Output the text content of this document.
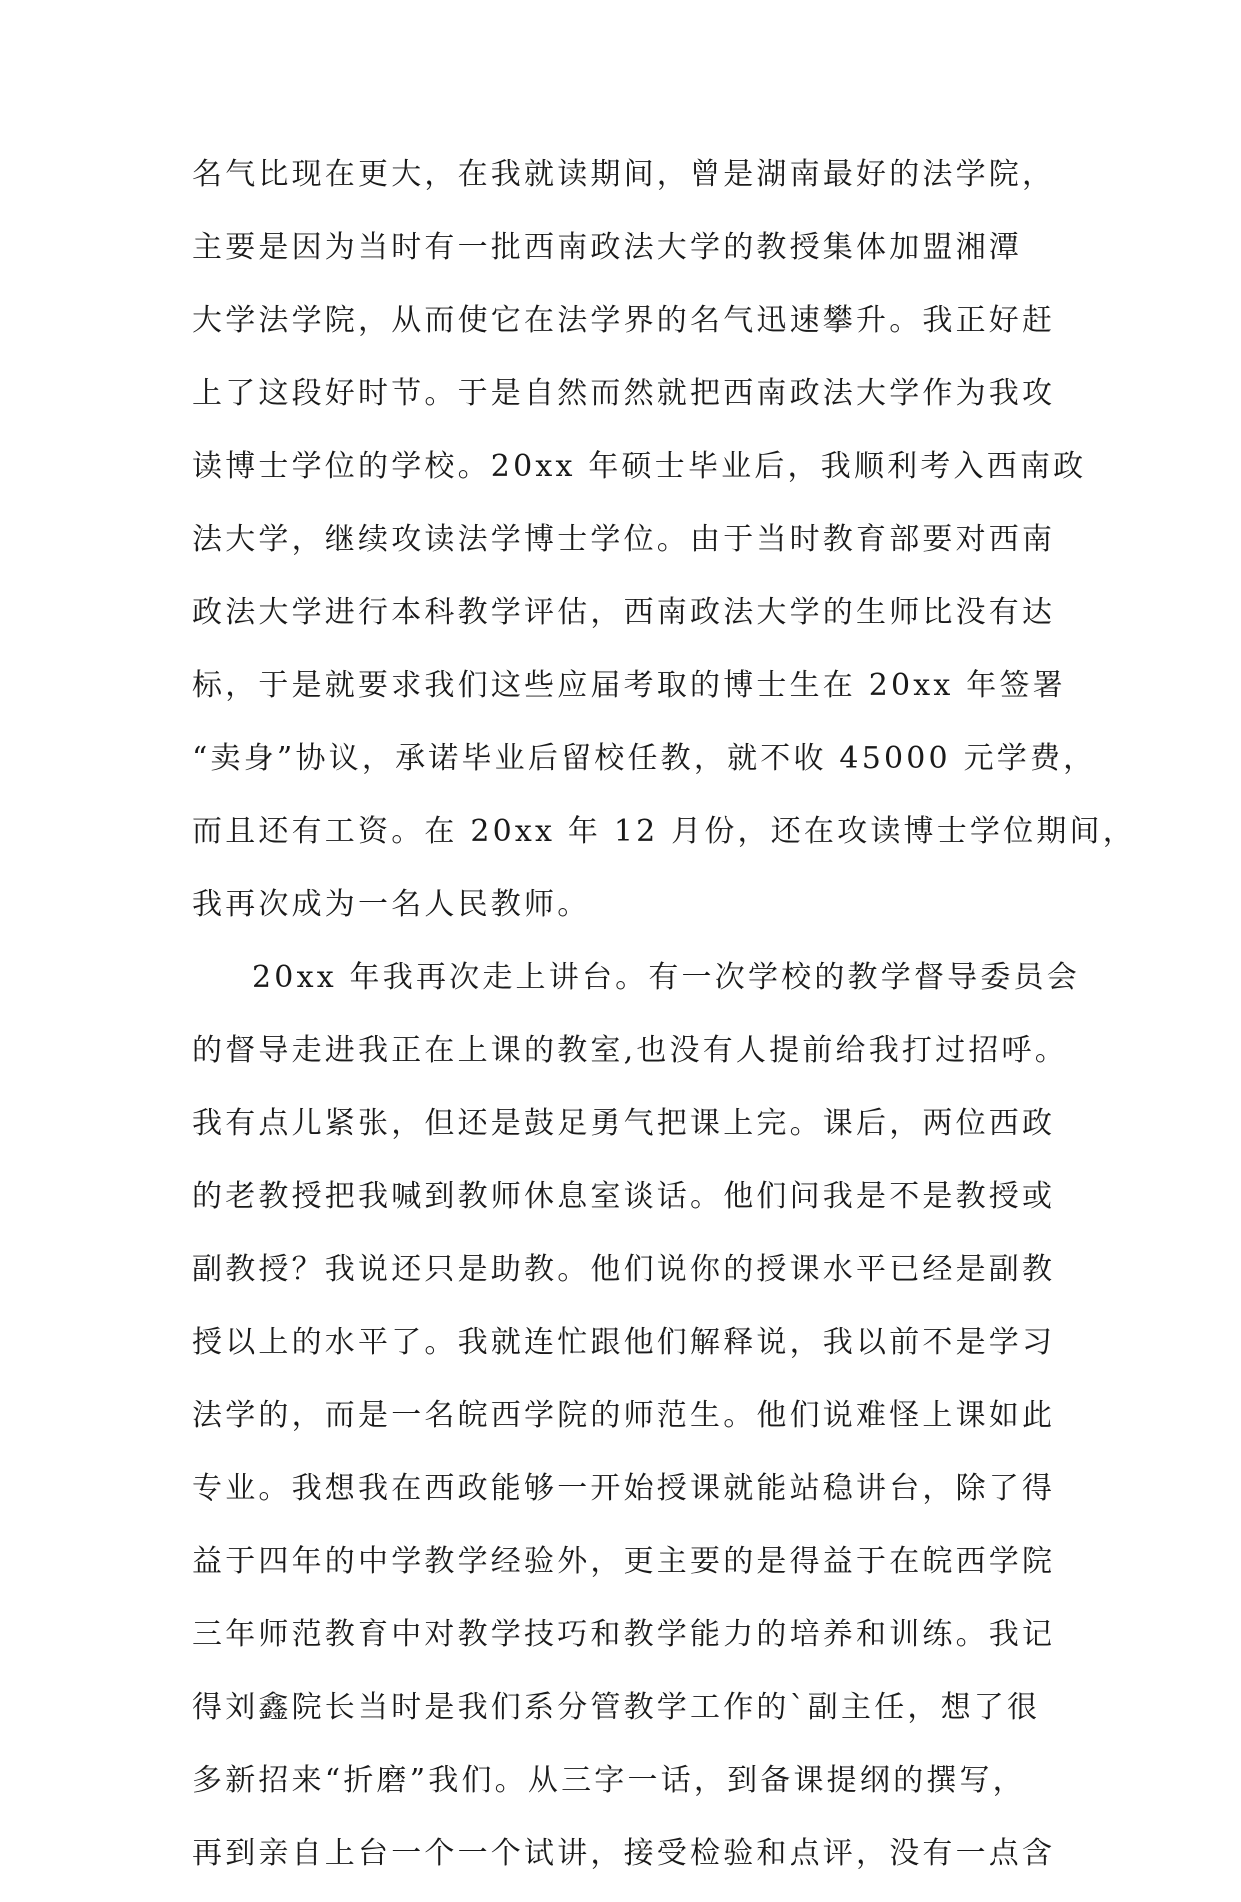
名气比现在更大，在我就读期间，曾是湖南最好的法学院，
主要是因为当时有一批西南政法大学的教授集体加盟湘潭
大学法学院，从而使它在法学界的名气迅速攀升。我正好赶
上了这段好时节。于是自然而然就把西南政法大学作为我攻
读博士学位的学校。20xx 年硕士毕业后，我顺利考入西南政
法大学，继续攻读法学博士学位。由于当时教育部要对西南
政法大学进行本科教学评估，西南政法大学的生师比没有达
标，于是就要求我们这些应届考取的博士生在 20xx 年签署
“卖身”协议，承诺毕业后留校任教，就不收 45000 元学费，
而且还有工资。在 20xx 年 12 月份，还在攻读博士学位期间，
我再次成为一名人民教师。
20xx 年我再次走上讲台。有一次学校的教学督导委员会
的督导走进我正在上课的教室,也没有人提前给我打过招呼。
我有点儿紧张，但还是鼓足勇气把课上完。课后，两位西政
的老教授把我喊到教师休息室谈话。他们问我是不是教授或
副教授？我说还只是助教。他们说你的授课水平已经是副教
授以上的水平了。我就连忙跟他们解释说，我以前不是学习
法学的，而是一名皖西学院的师范生。他们说难怪上课如此
专业。我想我在西政能够一开始授课就能站稳讲台，除了得
益于四年的中学教学经验外，更主要的是得益于在皖西学院
三年师范教育中对教学技巧和教学能力的培养和训练。我记
得刘鑫院长当时是我们系分管教学工作的`副主任，想了很
多新招来“折磨”我们。从三字一话，到备课提纲的撰写，
再到亲自上台一个一个试讲，接受检验和点评，没有一点含
